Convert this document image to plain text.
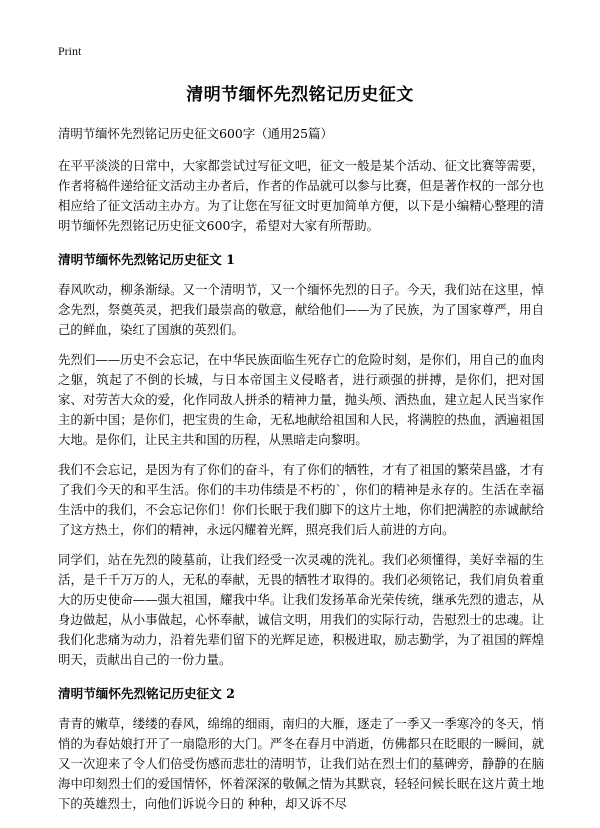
Print
清明节缅怀先烈铭记历史征文

清明节缅怀先烈铭记历史征文600字（通用25篇）

在平平淡淡的日常中，大家都尝试过写征文吧，征文一般是某个活动、征文比赛等需要，作者将稿件递给征文活动主办者后，作者的作品就可以参与比赛，但是著作权的一部分也相应给了征文活动主办方。为了让您在写征文时更加简单方便，以下是小编精心整理的清明节缅怀先烈铭记历史征文600字，希望对大家有所帮助。

清明节缅怀先烈铭记历史征文 1

春风吹动，柳条渐绿。又一个清明节，又一个缅怀先烈的日子。今天，我们站在这里，悼念先烈，祭奠英灵，把我们最崇高的敬意，献给他们——为了民族，为了国家尊严，用自己的鲜血，染红了国旗的英烈们。

先烈们——历史不会忘记，在中华民族面临生死存亡的危险时刻，是你们，用自己的血肉之躯，筑起了不倒的长城，与日本帝国主义侵略者，进行顽强的拼搏，是你们，把对国家、对劳苦大众的爱，化作同敌人拼杀的精神力量，抛头颅、洒热血，建立起人民当家作主的新中国；是你们，把宝贵的生命，无私地献给祖国和人民，将满腔的热血，洒遍祖国大地。是你们，让民主共和国的历程，从黑暗走向黎明。

我们不会忘记，是因为有了你们的奋斗，有了你们的牺牲，才有了祖国的繁荣昌盛，才有了我们今天的和平生活。你们的丰功伟绩是不朽的`，你们的精神是永存的。生活在幸福生活中的我们，不会忘记你们！你们长眠于我们脚下的这片土地，你们把满腔的赤诚献给了这方热土，你们的精神，永远闪耀着光辉，照亮我们后人前进的方向。

同学们，站在先烈的陵墓前，让我们经受一次灵魂的洗礼。我们必须懂得，美好幸福的生活，是千千万万的人，无私的奉献，无畏的牺牲才取得的。我们必须铭记，我们肩负着重大的历史使命——强大祖国，耀我中华。让我们发扬革命光荣传统，继承先烈的遗志，从身边做起，从小事做起，心怀奉献，诚信文明，用我们的实际行动，告慰烈士的忠魂。让我们化悲痛为动力，沿着先辈们留下的光辉足迹，积极进取，励志勤学，为了祖国的辉煌明天，贡献出自己的一份力量。

清明节缅怀先烈铭记历史征文 2

青青的嫩草，缕缕的春风，绵绵的细雨，南归的大雁，逐走了一季又一季寒冷的冬天，悄悄的为春姑娘打开了一扇隐形的大门。严冬在春月中消逝，仿佛都只在眨眼的一瞬间，就又一次迎来了令人们倍受伤感而悲壮的清明节，让我们站在烈士们的墓碑旁，静静的在脑海中印刻烈士们的爱国情怀，怀着深深的敬佩之情为其默哀，轻轻问候长眠在这片黄土地下的英雄烈士，向他们诉说今日的 种种，却又诉不尽
